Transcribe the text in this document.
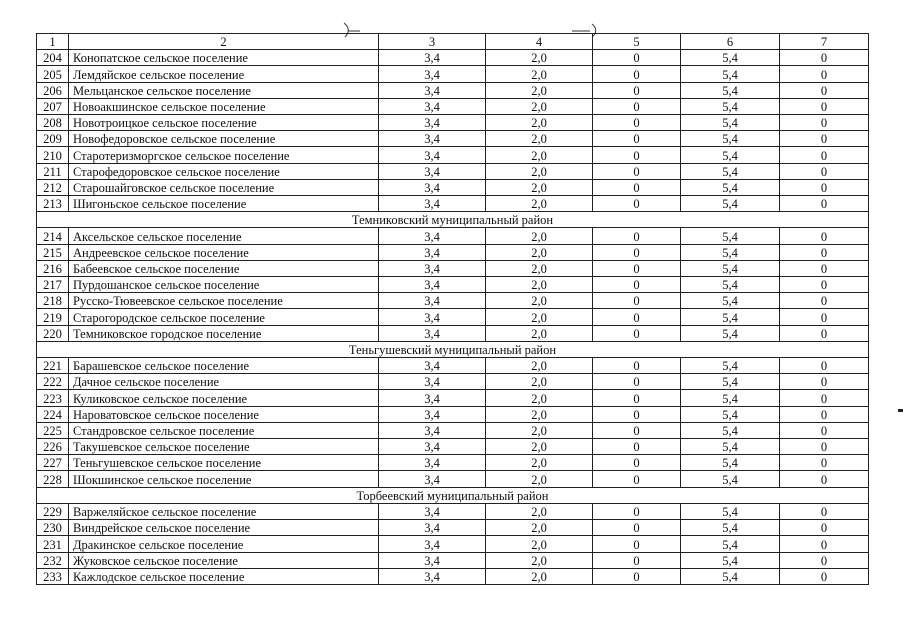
1	2	3	4	5	6	7
204	Конопатское сельское поселение	3,4	2,0	0	5,4	0
205	Лемдяйское сельское поселение	3,4	2,0	0	5,4	0
206	Мельцанское сельское поселение	3,4	2,0	0	5,4	0
207	Новоакшинское сельское поселение	3,4	2,0	0	5,4	0
208	Новотроицкое сельское поселение	3,4	2,0	0	5,4	0
209	Новофедоровское сельское поселение	3,4	2,0	0	5,4	0
210	Старотеризморгское сельское поселение	3,4	2,0	0	5,4	0
211	Старофедоровское сельское поселение	3,4	2,0	0	5,4	0
212	Старошайговское сельское поселение	3,4	2,0	0	5,4	0
213	Шигоньское сельское поселение	3,4	2,0	0	5,4	0
Темниковский муниципальный район						
214	Аксельское сельское поселение	3,4	2,0	0	5,4	0
215	Андреевское сельское поселение	3,4	2,0	0	5,4	0
216	Бабеевское сельское поселение	3,4	2,0	0	5,4	0
217	Пурдошанское сельское поселение	3,4	2,0	0	5,4	0
218	Русско-Тювеевское сельское поселение	3,4	2,0	0	5,4	0
219	Старогородское сельское поселение	3,4	2,0	0	5,4	0
220	Темниковское городское поселение	3,4	2,0	0	5,4	0
Теньгушевский муниципальный район						
221	Барашевское сельское поселение	3,4	2,0	0	5,4	0
222	Дачное сельское поселение	3,4	2,0	0	5,4	0
223	Куликовское сельское поселение	3,4	2,0	0	5,4	0
224	Нароватовское сельское поселение	3,4	2,0	0	5,4	0
225	Стандровское сельское поселение	3,4	2,0	0	5,4	0
226	Такушевское сельское поселение	3,4	2,0	0	5,4	0
227	Теньгушевское сельское поселение	3,4	2,0	0	5,4	0
228	Шокшинское сельское поселение	3,4	2,0	0	5,4	0
Торбеевский муниципальный район						
229	Варжеляйское сельское поселение	3,4	2,0	0	5,4	0
230	Виндрейское сельское поселение	3,4	2,0	0	5,4	0
231	Дракинское сельское поселение	3,4	2,0	0	5,4	0
232	Жуковское сельское поселение	3,4	2,0	0	5,4	0
233	Кажлодское сельское поселение	3,4	2,0	0	5,4	0
